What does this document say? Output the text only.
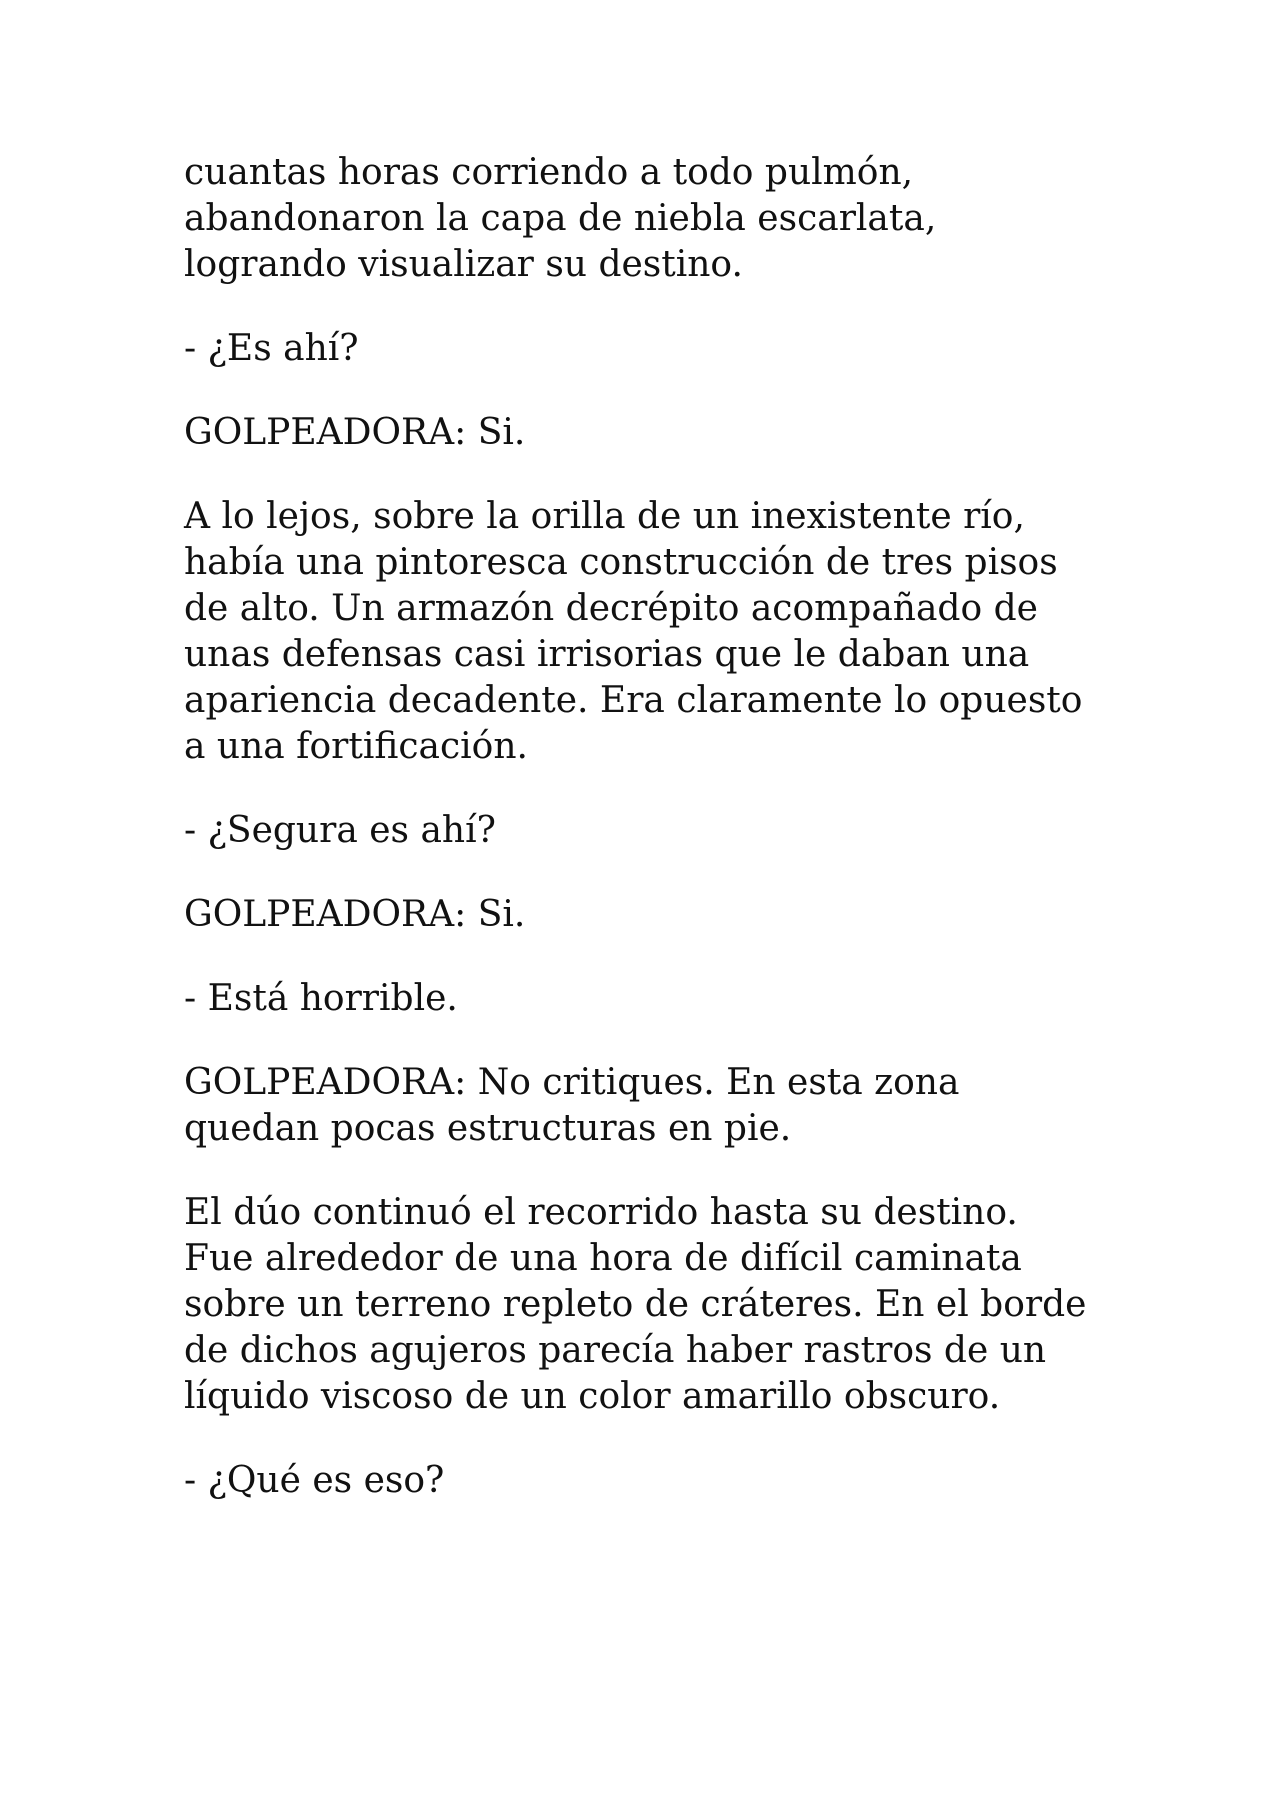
cuantas horas corriendo a todo pulmón,
abandonaron la capa de niebla escarlata,
logrando visualizar su destino.

- ¿Es ahí?

GOLPEADORA: Si.

A lo lejos, sobre la orilla de un inexistente río,
había una pintoresca construcción de tres pisos
de alto. Un armazón decrépito acompañado de
unas defensas casi irrisorias que le daban una
apariencia decadente. Era claramente lo opuesto
a una fortificación.

- ¿Segura es ahí?

GOLPEADORA: Si.

- Está horrible.

GOLPEADORA: No critiques. En esta zona
quedan pocas estructuras en pie.

El dúo continuó el recorrido hasta su destino.
Fue alrededor de una hora de difícil caminata
sobre un terreno repleto de cráteres. En el borde
de dichos agujeros parecía haber rastros de un
líquido viscoso de un color amarillo obscuro.

- ¿Qué es eso?
